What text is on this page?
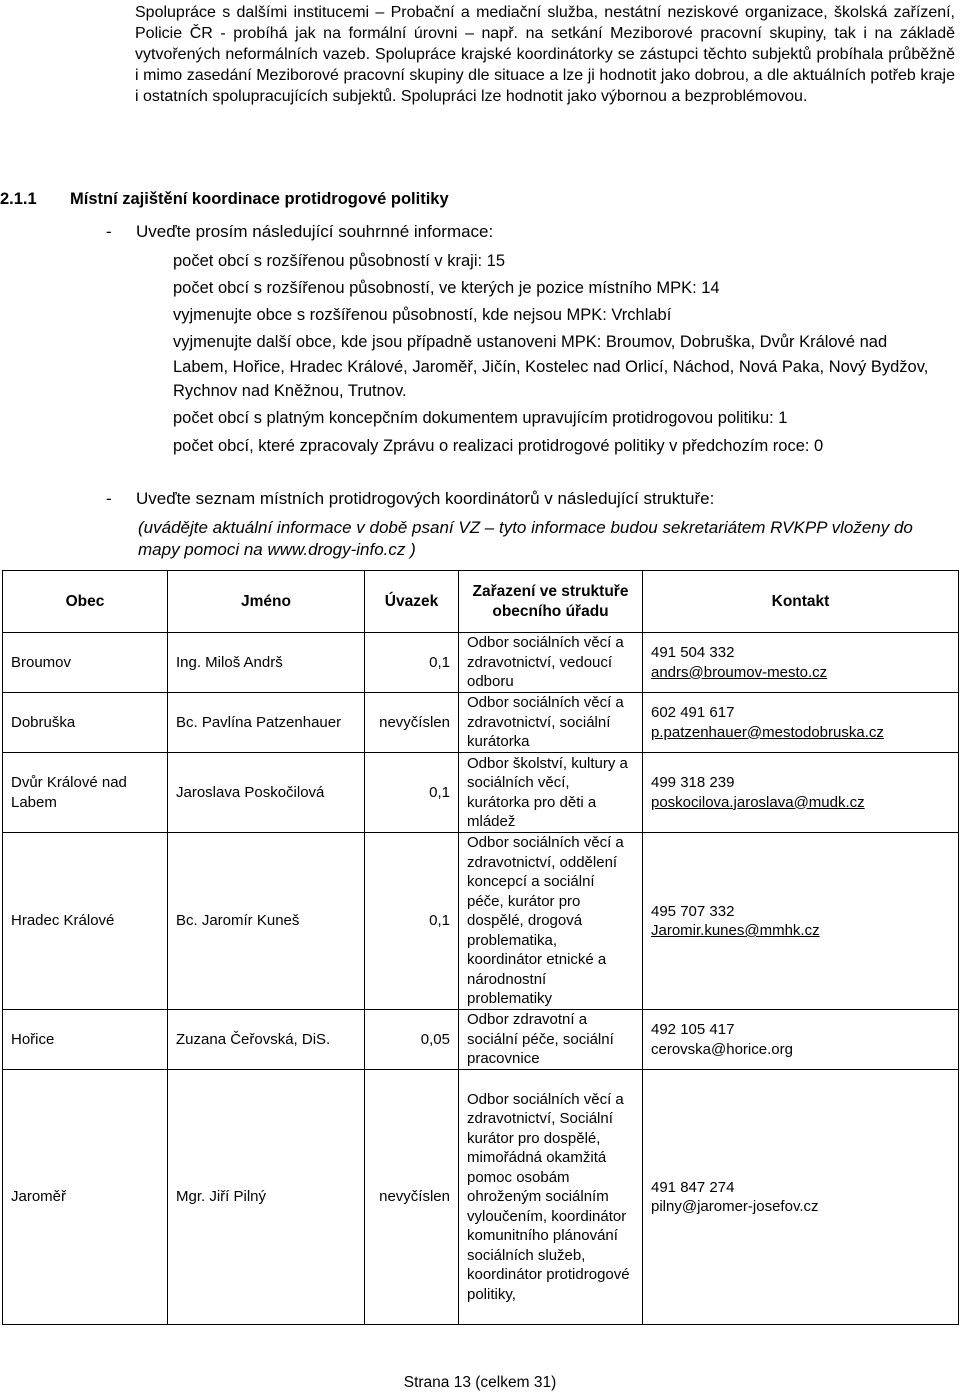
Spolupráce s dalšími institucemi – Probační a mediační služba, nestátní neziskové organizace, školská zařízení, Policie ČR - probíhá jak na formální úrovni – např. na setkání Meziborové pracovní skupiny, tak i na základě vytvořených neformálních vazeb. Spolupráce krajské koordinátorky se zástupci těchto subjektů probíhala průběžně i mimo zasedání Meziborové pracovní skupiny dle situace a lze ji hodnotit jako dobrou, a dle aktuálních potřeb kraje i ostatních spolupracujících subjektů. Spolupráci lze hodnotit jako výbornou a bezproblémovou.

2.1.1 Místní zajištění koordinace protidrogové politiky
- Uveďte prosím následující souhrnné informace:

počet obcí s rozšířenou působností v kraji: 15

počet obcí s rozšířenou působností, ve kterých je pozice místního MPK: 14

vyjmenujte obce s rozšířenou působností, kde nejsou MPK: Vrchlabí

vyjmenujte další obce, kde jsou případně ustanoveni MPK: Broumov, Dobruška, Dvůr Králové nad Labem, Hořice, Hradec Králové, Jaroměř, Jičín, Kostelec nad Orlicí, Náchod, Nová Paka, Nový Bydžov, Rychnov nad Kněžnou, Trutnov.

počet obcí s platným koncepčním dokumentem upravujícím protidrogovou politiku: 1

počet obcí, které zpracovaly Zprávu o realizaci protidrogové politiky v předchozím roce: 0

- Uveďte seznam místních protidrogových koordinátorů v následující struktuře:

(uvádějte aktuální informace v době psaní VZ – tyto informace budou sekretariátem RVKPP vloženy do mapy pomoci na www.drogy-info.cz )

Obec	Jméno	Úvazek	Zařazení ve struktuře obecního úřadu	Kontakt
Broumov	Ing. Miloš Andrš	0,1	Odbor sociálních věcí a zdravotnictví, vedoucí odboru	491 504 332
andrs@broumov-mesto.cz

Dobruška	Bc. Pavlína Patzenhauer	nevyčíslen	Odbor sociálních věcí a zdravotnictví, sociální kurátorka	602 491 617
p.patzenhauer@mestodobruska.cz

Dvůr Králové nad Labem	Jaroslava Poskočilová	0,1	Odbor školství, kultury a sociálních věcí, kurátorka pro děti a mládež	499 318 239
poskocilova.jaroslava@mudk.cz

Hradec Králové	Bc. Jaromír Kuneš	0,1	Odbor sociálních věcí a zdravotnictví, oddělení koncepcí a sociální péče, kurátor pro dospělé, drogová problematika, koordinátor etnické a národnostní problematiky	495 707 332
Jaromir.kunes@mmhk.cz

Hořice	Zuzana Čeřovská, DiS.	0,05	Odbor zdravotní a sociální péče, sociální pracovnice	492 105 417
cerovska@horice.org

Jaroměř	Mgr. Jiří Pilný	nevyčíslen	Odbor sociálních věcí a zdravotnictví, Sociální kurátor pro dospělé, mimořádná okamžitá pomoc osobám ohroženým sociálním vyloučením, koordinátor komunitního plánování sociálních služeb, koordinátor protidrogové politiky,	491 847 274
pilny@jaromer-josefov.cz
Strana 13 (celkem 31)
